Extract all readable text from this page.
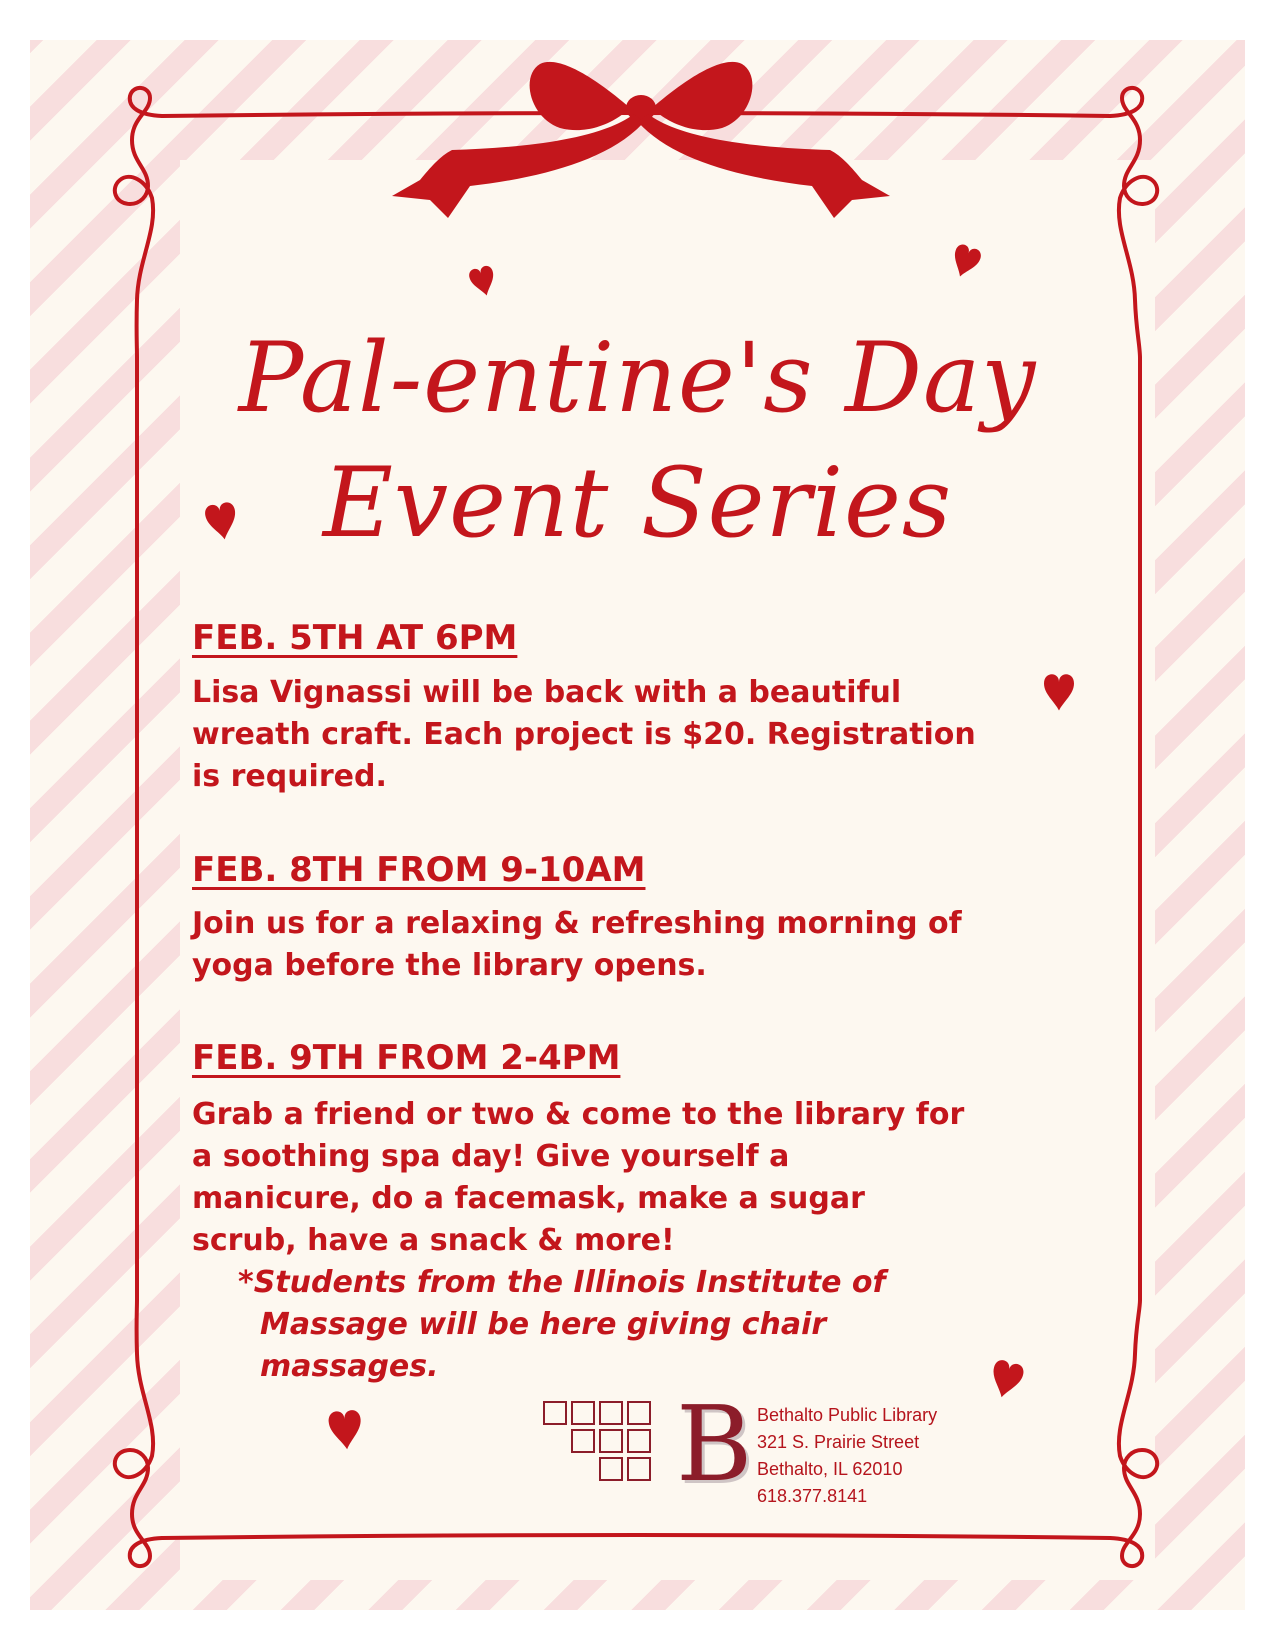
Pal-entine's Day
Event Series
FEB. 5TH AT 6PM
Lisa Vignassi will be back with a beautiful
wreath craft. Each project is $20. Registration
is required.
FEB. 8TH FROM 9-10AM
Join us for a relaxing & refreshing morning of
yoga before the library opens.
FEB. 9TH FROM 2-4PM
Grab a friend or two & come to the library for
a soothing spa day! Give yourself a
manicure, do a facemask, make a sugar
scrub, have a snack & more!
*Students from the Illinois Institute of
Massage will be here giving chair
massages.
B Bethalto Public Library
321 S. Prairie Street
Bethalto, IL 62010
618.377.8141
